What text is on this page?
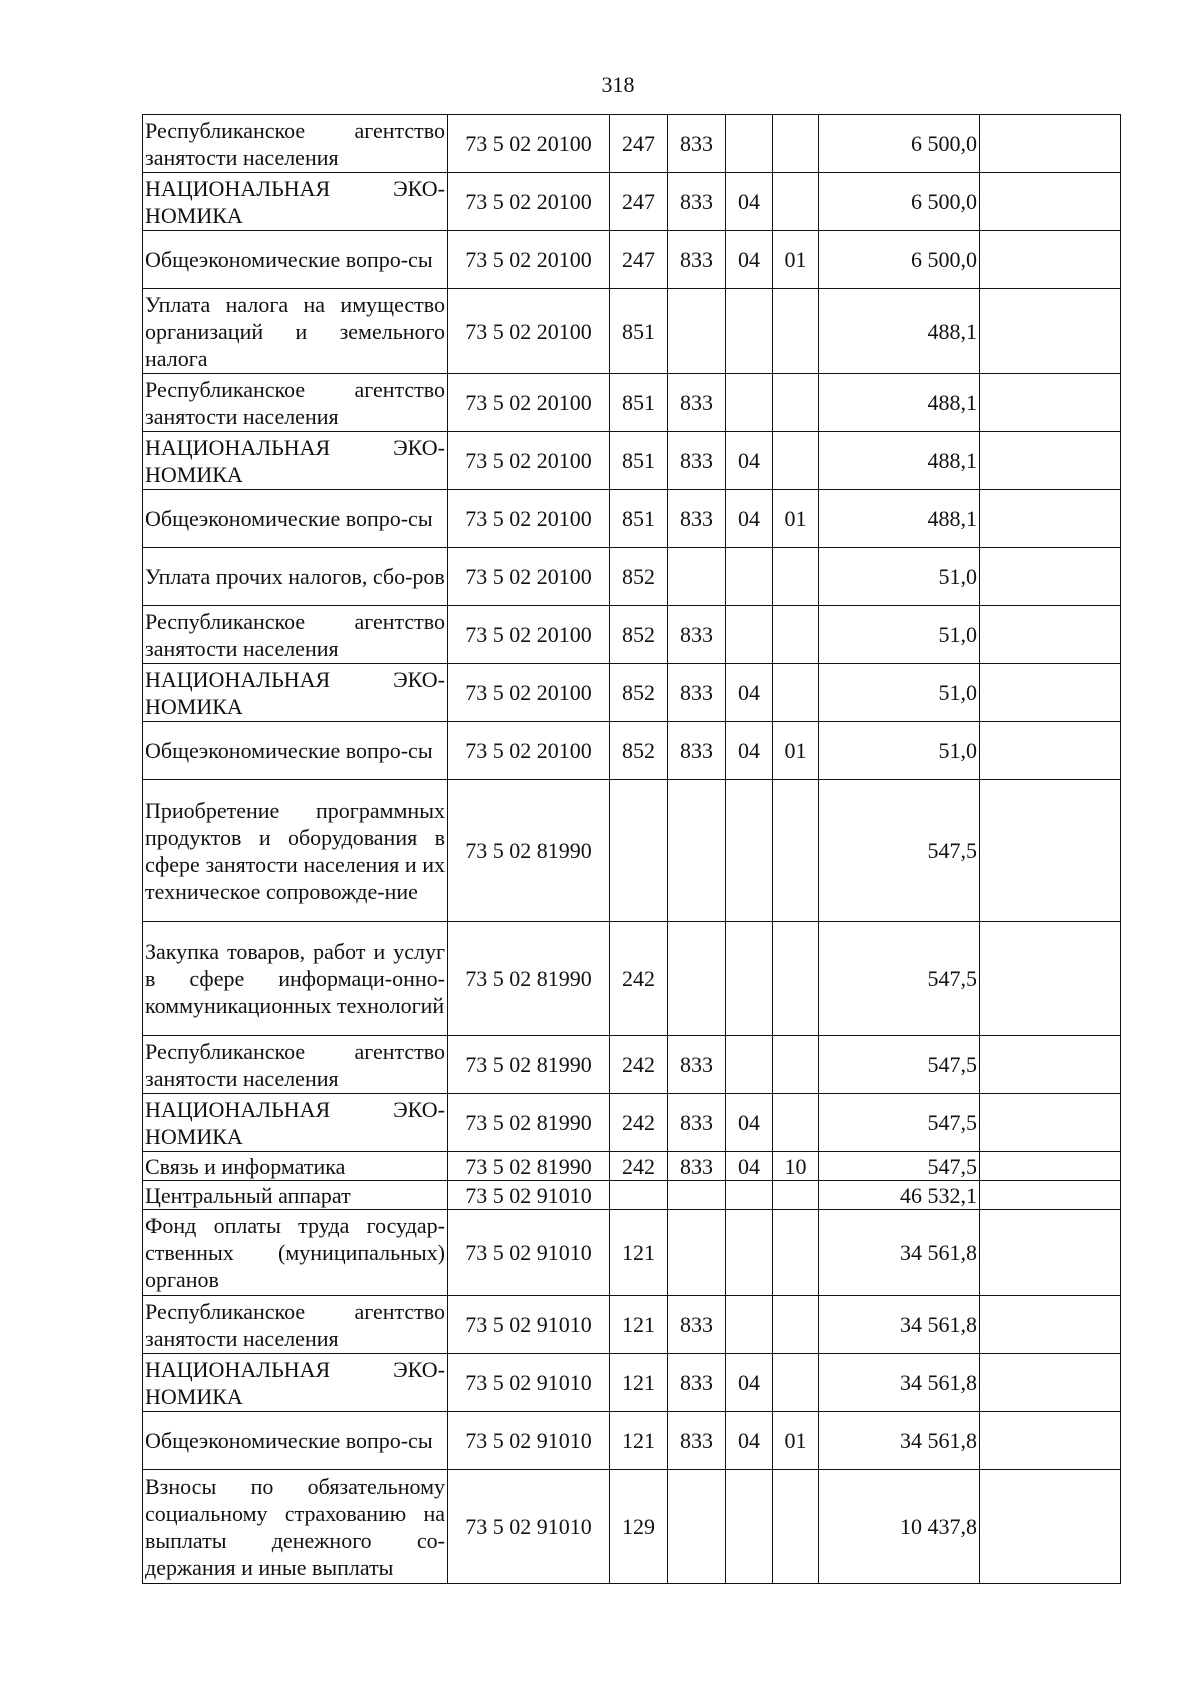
318
Республиканское агентство занятости населения	73 5 02 20100	247	833			6 500,0	
НАЦИОНАЛЬНАЯ ЭКО-НОМИКА	73 5 02 20100	247	833	04		6 500,0	
Общеэкономические вопро-сы	73 5 02 20100	247	833	04	01	6 500,0	
Уплата налога на имущество организаций и земельного налога	73 5 02 20100	851				488,1	
Республиканское агентство занятости населения	73 5 02 20100	851	833			488,1	
НАЦИОНАЛЬНАЯ ЭКО-НОМИКА	73 5 02 20100	851	833	04		488,1	
Общеэкономические вопро-сы	73 5 02 20100	851	833	04	01	488,1	
Уплата прочих налогов, сбо-ров	73 5 02 20100	852				51,0	
Республиканское агентство занятости населения	73 5 02 20100	852	833			51,0	
НАЦИОНАЛЬНАЯ ЭКО-НОМИКА	73 5 02 20100	852	833	04		51,0	
Общеэкономические вопро-сы	73 5 02 20100	852	833	04	01	51,0	
Приобретение программных продуктов и оборудования в сфере занятости населения и их техническое сопровожде-ние	73 5 02 81990					547,5	
Закупка товаров, работ и услуг в сфере информаци-онно-коммуникационных технологий	73 5 02 81990	242				547,5	
Республиканское агентство занятости населения	73 5 02 81990	242	833			547,5	
НАЦИОНАЛЬНАЯ ЭКО-НОМИКА	73 5 02 81990	242	833	04		547,5	
Связь и информатика	73 5 02 81990	242	833	04	10	547,5	
Центральный аппарат	73 5 02 91010					46 532,1	
Фонд оплаты труда государ-ственных (муниципальных) органов	73 5 02 91010	121				34 561,8	
Республиканское агентство занятости населения	73 5 02 91010	121	833			34 561,8	
НАЦИОНАЛЬНАЯ ЭКО-НОМИКА	73 5 02 91010	121	833	04		34 561,8	
Общеэкономические вопро-сы	73 5 02 91010	121	833	04	01	34 561,8	
Взносы по обязательному социальному страхованию на выплаты денежного со-держания и иные выплаты	73 5 02 91010	129				10 437,8	
